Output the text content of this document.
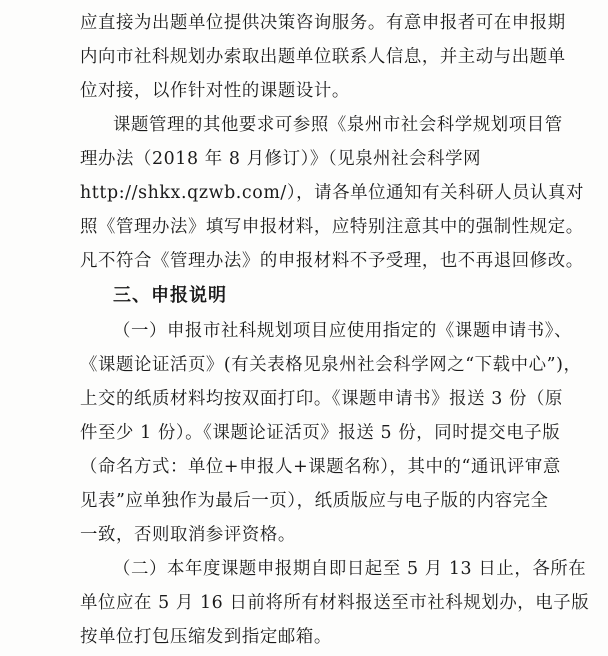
应直接为出题单位提供决策咨询服务。有意申报者可在申报期
内向市社科规划办索取出题单位联系人信息，并主动与出题单
位对接，以作针对性的课题设计。
课题管理的其他要求可参照《泉州市社会科学规划项目管
理办法（2018 年 8 月修订）》（见泉州社会科学网
http://shkx.qzwb.com/），请各单位通知有关科研人员认真对
照《管理办法》填写申报材料，应特别注意其中的强制性规定。
凡不符合《管理办法》的申报材料不予受理，也不再退回修改。
三、申报说明
（一）申报市社科规划项目应使用指定的《课题申请书》、
《课题论证活页》(有关表格见泉州社会科学网之“下载中心”)，
上交的纸质材料均按双面打印。《课题申请书》报送 3 份（原
件至少 1 份）。《课题论证活页》报送 5 份，同时提交电子版
（命名方式：单位+申报人+课题名称），其中的“通讯评审意
见表”应单独作为最后一页），纸质版应与电子版的内容完全
一致，否则取消参评资格。
（二）本年度课题申报期自即日起至 5 月 13 日止，各所在
单位应在 5 月 16 日前将所有材料报送至市社科规划办，电子版
按单位打包压缩发到指定邮箱。
